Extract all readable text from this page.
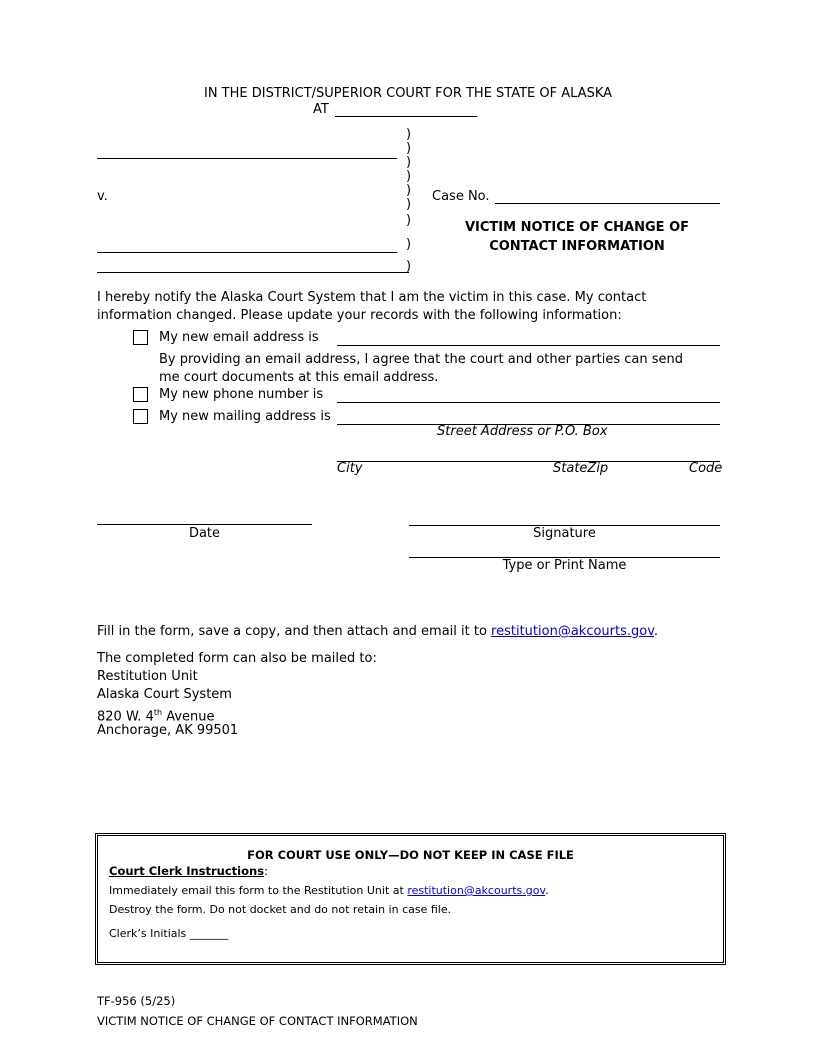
IN THE DISTRICT/SUPERIOR COURT FOR THE STATE OF ALASKA
AT
)
)
)
)
)
)
)
)
)
v.	Case No.
VICTIM NOTICE OF CHANGE OF
CONTACT INFORMATION
I hereby notify the Alaska Court System that I am the victim in this case. My contact
information changed. Please update your records with the following information:
My new email address is
By providing an email address, I agree that the court and other parties can send
me court documents at this email address.
My new phone number is
My new mailing address is
Street Address or P.O. Box
City	StateZip	Code
Date	Signature
Type or Print Name
Fill in the form, save a copy, and then attach and email it to restitution@akcourts.gov.
The completed form can also be mailed to:
Restitution Unit
Alaska Court System
820 W. 4th Avenue
Anchorage, AK 99501
FOR COURT USE ONLY—DO NOT KEEP IN CASE FILE
Court Clerk Instructions:
Immediately email this form to the Restitution Unit at restitution@akcourts.gov.
Destroy the form. Do not docket and do not retain in case file.
Clerk’s Initials _______
TF-956 (5/25)
VICTIM NOTICE OF CHANGE OF CONTACT INFORMATION
